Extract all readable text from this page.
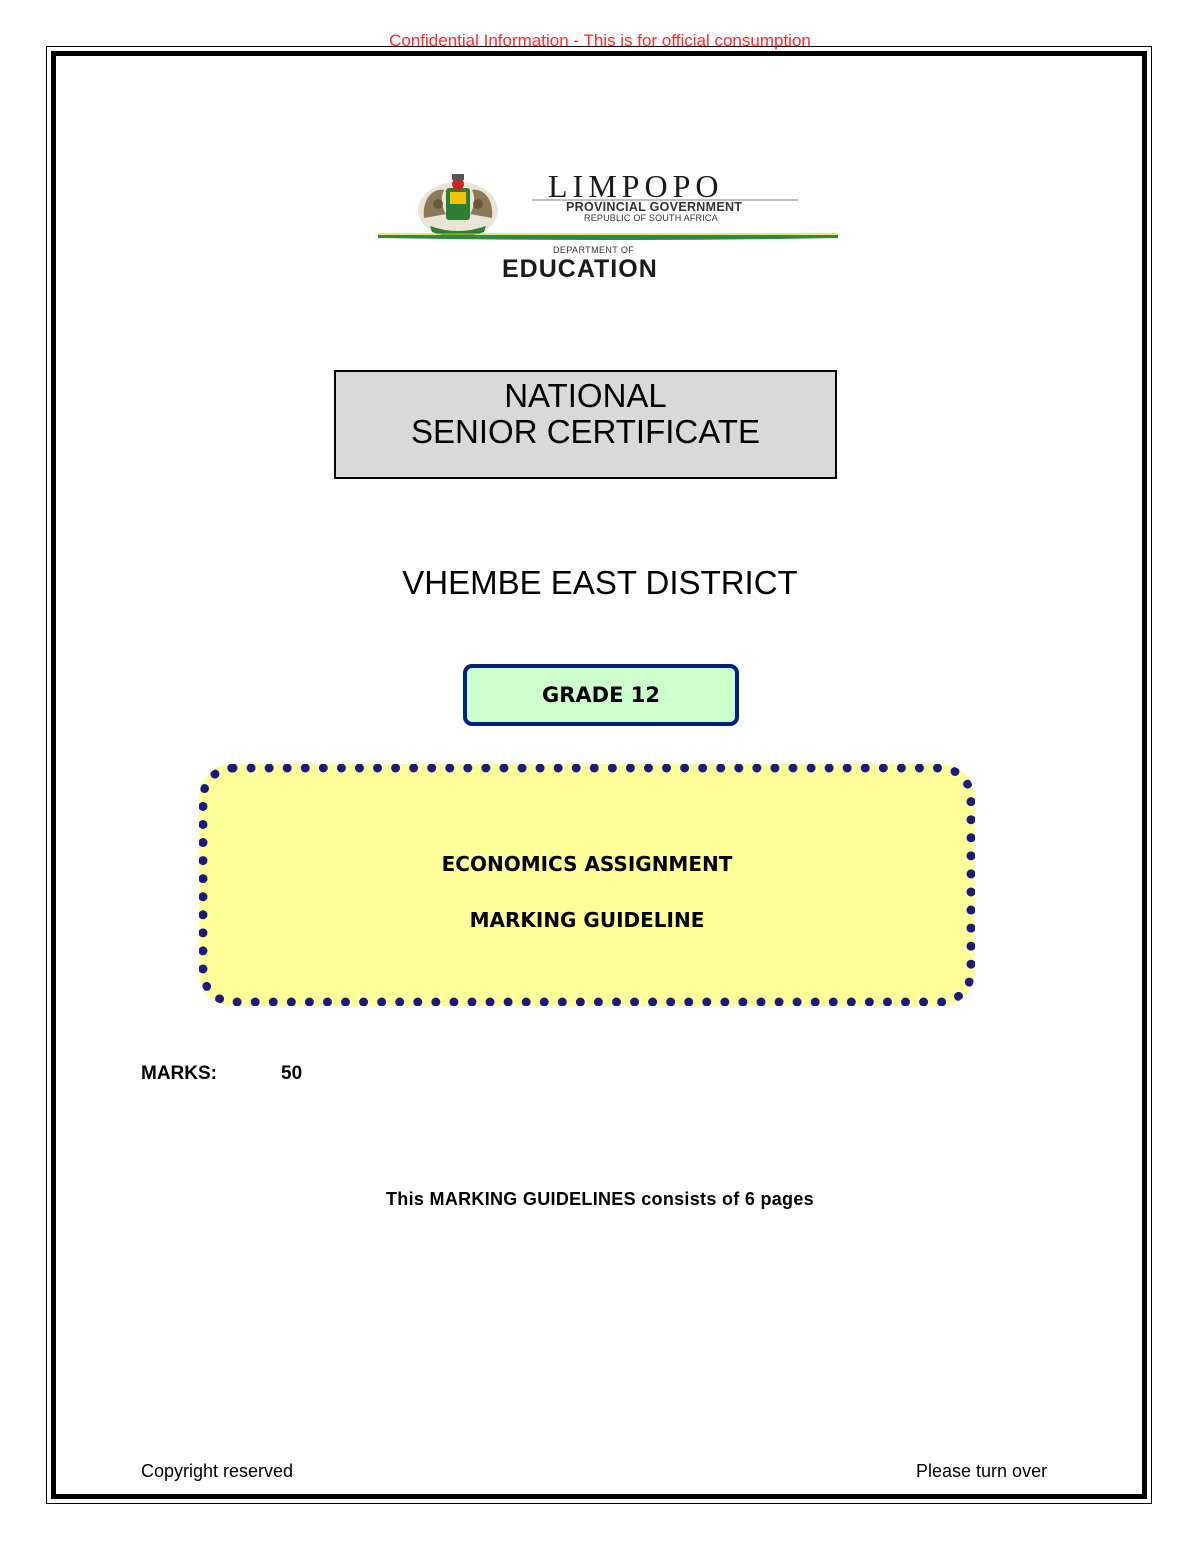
Confidential Information - This is for official consumption
LIMPOPO
PROVINCIAL GOVERNMENT
REPUBLIC OF SOUTH AFRICA
DEPARTMENT OF
EDUCATION
NATIONAL
SENIOR CERTIFICATE
VHEMBE EAST DISTRICT
GRADE 12
ECONOMICS ASSIGNMENT
MARKING GUIDELINE
MARKS:	50
This MARKING GUIDELINES consists of 6 pages
Copyright reserved	Please turn over
